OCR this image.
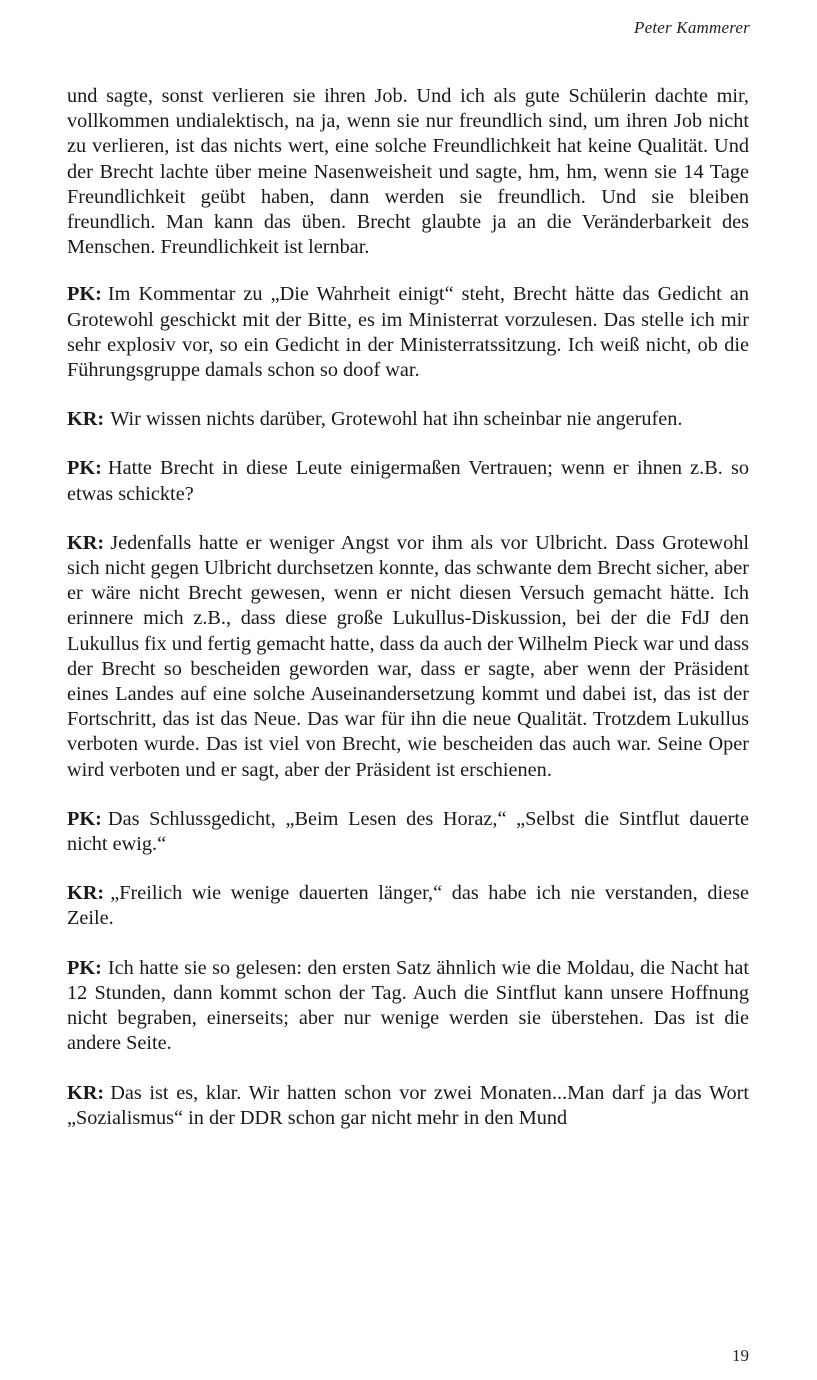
Peter Kammerer

und sagte, sonst verlieren sie ihren Job. Und ich als gute Schülerin dachte mir, vollkommen undialektisch, na ja, wenn sie nur freundlich sind, um ihren Job nicht zu verlieren, ist das nichts wert, eine solche Freundlichkeit hat keine Qualität. Und der Brecht lachte über meine Nasenweisheit und sagte, hm, hm, wenn sie 14 Tage Freundlichkeit geübt haben, dann werden sie freundlich. Und sie bleiben freundlich. Man kann das üben. Brecht glaubte ja an die Veränderbarkeit des Menschen. Freundlichkeit ist lernbar.

PK: Im Kommentar zu „Die Wahrheit einigt“ steht, Brecht hätte das Gedicht an Grotewohl geschickt mit der Bitte, es im Ministerrat vorzulesen. Das stelle ich mir sehr explosiv vor, so ein Gedicht in der Ministerratssitzung. Ich weiß nicht, ob die Führungsgruppe damals schon so doof war.

KR: Wir wissen nichts darüber, Grotewohl hat ihn scheinbar nie angerufen.

PK: Hatte Brecht in diese Leute einigermaßen Vertrauen; wenn er ihnen z.B. so etwas schickte?

KR: Jedenfalls hatte er weniger Angst vor ihm als vor Ulbricht. Dass Grotewohl sich nicht gegen Ulbricht durchsetzen konnte, das schwante dem Brecht sicher, aber er wäre nicht Brecht gewesen, wenn er nicht diesen Versuch gemacht hätte. Ich erinnere mich z.B., dass diese große Lukullus-Diskussion, bei der die FdJ den Lukullus fix und fertig gemacht hatte, dass da auch der Wilhelm Pieck war und dass der Brecht so bescheiden geworden war, dass er sagte, aber wenn der Präsident eines Landes auf eine solche Auseinandersetzung kommt und dabei ist, das ist der Fortschritt, das ist das Neue. Das war für ihn die neue Qualität. Trotzdem Lukullus verboten wurde. Das ist viel von Brecht, wie bescheiden das auch war. Seine Oper wird verboten und er sagt, aber der Präsident ist erschienen.

PK: Das Schlussgedicht, „Beim Lesen des Horaz,“ „Selbst die Sintflut dauerte nicht ewig.“

KR: „Freilich wie wenige dauerten länger,“ das habe ich nie verstanden, diese Zeile.

PK: Ich hatte sie so gelesen: den ersten Satz ähnlich wie die Moldau, die Nacht hat 12 Stunden, dann kommt schon der Tag. Auch die Sintflut kann unsere Hoffnung nicht begraben, einerseits; aber nur wenige werden sie überstehen. Das ist die andere Seite.

KR: Das ist es, klar. Wir hatten schon vor zwei Monaten...Man darf ja das Wort „Sozialismus“ in der DDR schon gar nicht mehr in den Mund

19
